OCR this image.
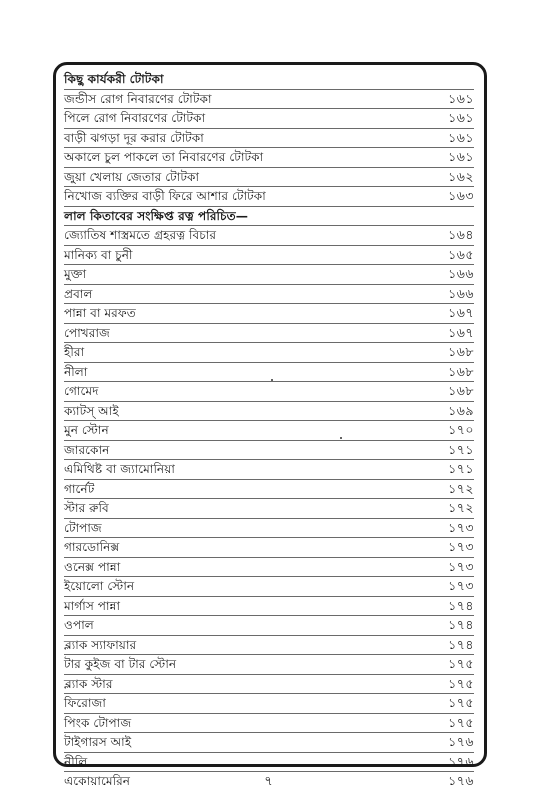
কিছু কার্যকরী টোটকা
জন্ডীস রোগ নিবারণের টোটকা	১৬১
পিলে রোগ নিবারণের টোটকা	১৬১
বাড়ী ঝগড়া দূর করার টোটকা	১৬১
অকালে চুল পাকলে তা নিবারণের টোটকা	১৬১
জুয়া খেলায় জেতার টোটকা	১৬২
নিখোজ ব্যক্তির বাড়ী ফিরে আশার টোটকা	১৬৩
লাল কিতাবের সংক্ষিপ্ত রত্ন পরিচিত—
জ্যোতিষ শাস্ত্রমতে গ্রহরত্ন বিচার	১৬৪
মানিক্য বা চুনী	১৬৫
মুক্তা	১৬৬
প্রবাল	১৬৬
পান্না বা মরফত	১৬৭
পোখরাজ	১৬৭
হীরা	১৬৮
নীলা	১৬৮
গোমেদ	১৬৮
ক্যাটস্ আই	১৬৯
মুন স্টোন	১৭০
জারকোন	১৭১
এমিথিষ্ট বা জ্যামোনিয়া	১৭১
গার্নেট	১৭২
স্টার রুবি	১৭২
টোপাজ	১৭৩
গারডোনিক্স	১৭৩
ওনেক্স পান্না	১৭৩
ইয়োলো স্টোন	১৭৩
মার্গাস পান্না	১৭৪
ওপাল	১৭৪
ব্ল্যাক স্যাফায়ার	১৭৪
টার কুইজ বা টার স্টোন	১৭৫
ব্ল্যাক স্টার	১৭৫
ফিরোজা	১৭৫
পিংক টোপাজ	১৭৫
টাইগারস আই	১৭৬
নীলি	১৭৬
একোয়ামেরিন	১৭৬
৭
